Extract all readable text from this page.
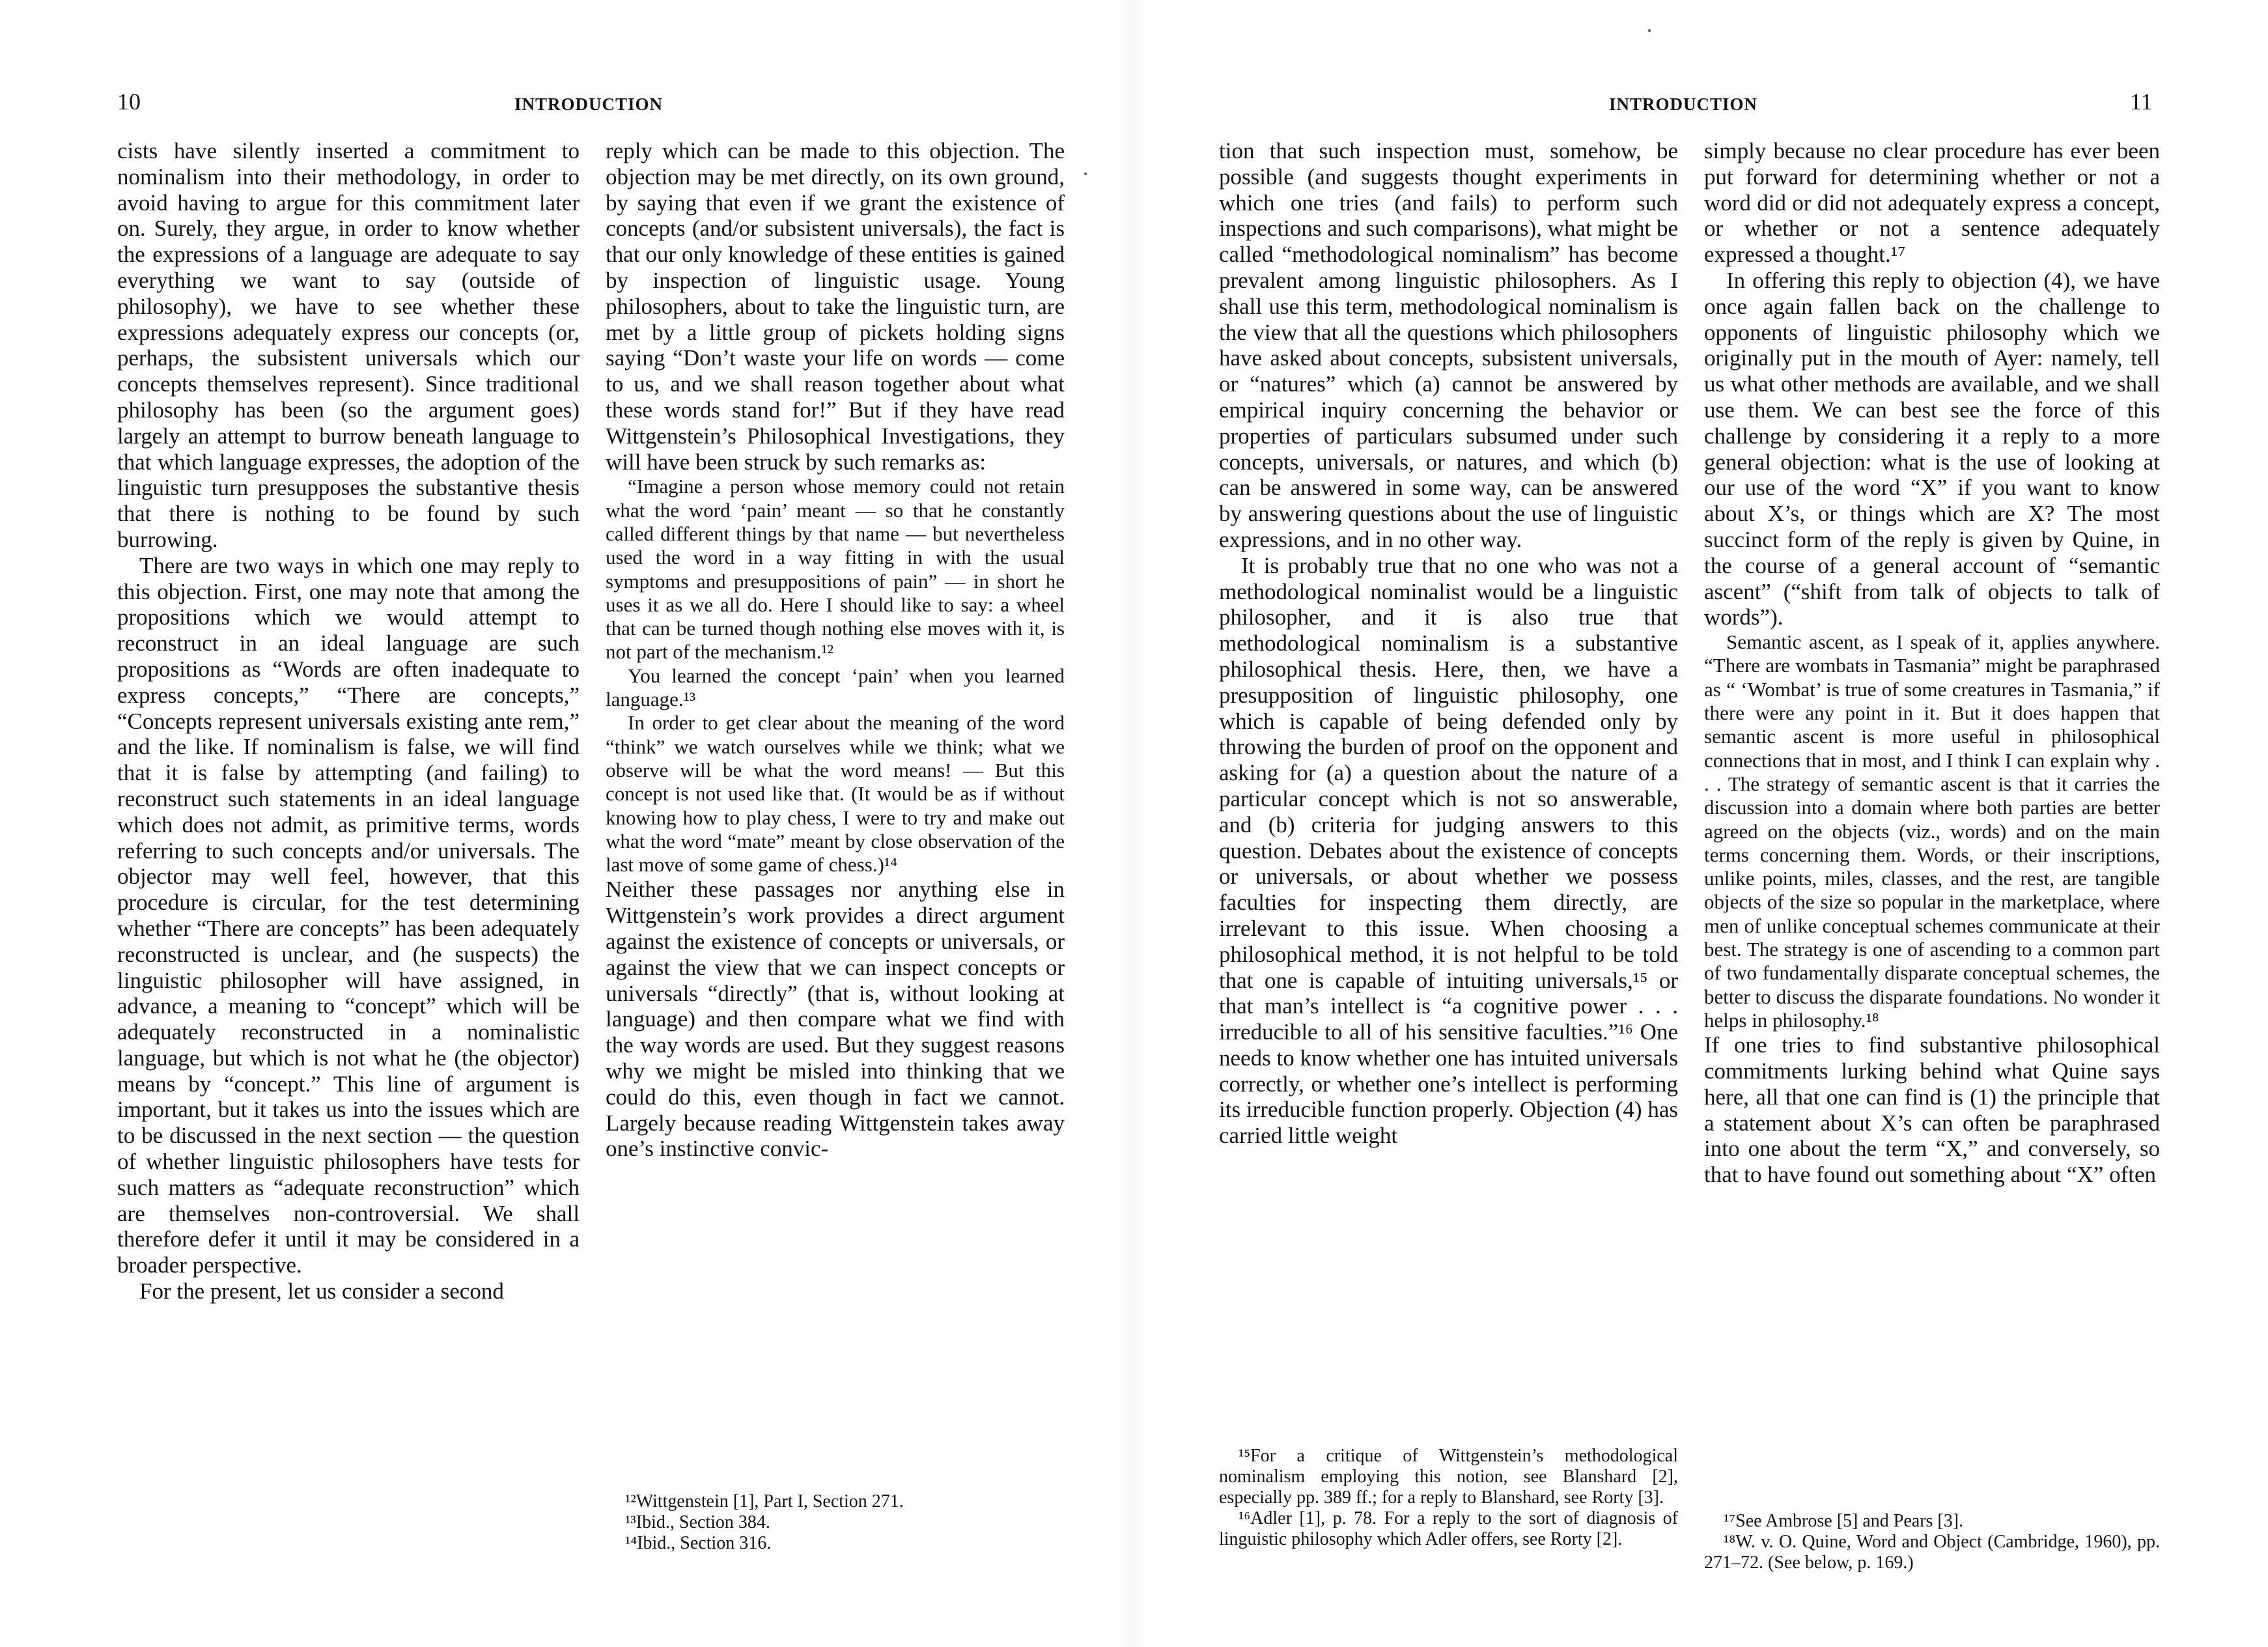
10	INTRODUCTION

cists have silently inserted a commitment to nominalism into their methodology, in order to avoid having to argue for this commitment later on. Surely, they argue, in order to know whether the expressions of a language are adequate to say everything we want to say (outside of philosophy), we have to see whether these expressions adequately express our concepts (or, perhaps, the subsistent universals which our concepts themselves represent). Since traditional philosophy has been (so the argument goes) largely an attempt to burrow beneath language to that which language expresses, the adoption of the linguistic turn presupposes the substantive thesis that there is nothing to be found by such burrowing.

There are two ways in which one may reply to this objection. First, one may note that among the propositions which we would attempt to reconstruct in an ideal language are such propositions as “Words are often inadequate to express concepts,” “There are concepts,” “Concepts represent universals existing ante rem,” and the like. If nominalism is false, we will find that it is false by attempting (and failing) to reconstruct such statements in an ideal language which does not admit, as primitive terms, words referring to such concepts and/or universals. The objector may well feel, however, that this procedure is circular, for the test determining whether “There are concepts” has been adequately reconstructed is unclear, and (he suspects) the linguistic philosopher will have assigned, in advance, a meaning to “concept” which will be adequately reconstructed in a nominalistic language, but which is not what he (the objector) means by “concept.” This line of argument is important, but it takes us into the issues which are to be discussed in the next section — the question of whether linguistic philosophers have tests for such matters as “adequate reconstruction” which are themselves non-controversial. We shall therefore defer it until it may be considered in a broader perspective.

For the present, let us consider a second

reply which can be made to this objection. The objection may be met directly, on its own ground, by saying that even if we grant the existence of concepts (and/or subsistent universals), the fact is that our only knowledge of these entities is gained by inspection of linguistic usage. Young philosophers, about to take the linguistic turn, are met by a little group of pickets holding signs saying “Don’t waste your life on words — come to us, and we shall reason together about what these words stand for!” But if they have read Wittgenstein’s Philosophical Investigations, they will have been struck by such remarks as:

“Imagine a person whose memory could not retain what the word ‘pain’ meant — so that he constantly called different things by that name — but nevertheless used the word in a way fitting in with the usual symptoms and presuppositions of pain” — in short he uses it as we all do. Here I should like to say: a wheel that can be turned though nothing else moves with it, is not part of the mechanism.¹²

You learned the concept ‘pain’ when you learned language.¹³

In order to get clear about the meaning of the word “think” we watch ourselves while we think; what we observe will be what the word means! — But this concept is not used like that. (It would be as if without knowing how to play chess, I were to try and make out what the word “mate” meant by close observation of the last move of some game of chess.)¹⁴

Neither these passages nor anything else in Wittgenstein’s work provides a direct argument against the existence of concepts or universals, or against the view that we can inspect concepts or universals “directly” (that is, without looking at language) and then compare what we find with the way words are used. But they suggest reasons why we might be misled into thinking that we could do this, even though in fact we cannot. Largely because reading Wittgenstein takes away one’s instinctive convic-

¹²Wittgenstein [1], Part I, Section 271.

¹³Ibid., Section 384.

¹⁴Ibid., Section 316.

INTRODUCTION	11

tion that such inspection must, somehow, be possible (and suggests thought experiments in which one tries (and fails) to perform such inspections and such comparisons), what might be called “methodological nominalism” has become prevalent among linguistic philosophers. As I shall use this term, methodological nominalism is the view that all the questions which philosophers have asked about concepts, subsistent universals, or “natures” which (a) cannot be answered by empirical inquiry concerning the behavior or properties of particulars subsumed under such concepts, universals, or natures, and which (b) can be answered in some way, can be answered by answering questions about the use of linguistic expressions, and in no other way.

It is probably true that no one who was not a methodological nominalist would be a linguistic philosopher, and it is also true that methodological nominalism is a substantive philosophical thesis. Here, then, we have a presupposition of linguistic philosophy, one which is capable of being defended only by throwing the burden of proof on the opponent and asking for (a) a question about the nature of a particular concept which is not so answerable, and (b) criteria for judging answers to this question. Debates about the existence of concepts or universals, or about whether we possess faculties for inspecting them directly, are irrelevant to this issue. When choosing a philosophical method, it is not helpful to be told that one is capable of intuiting universals,¹⁵ or that man’s intellect is “a cognitive power . . . irreducible to all of his sensitive faculties.”¹⁶ One needs to know whether one has intuited universals correctly, or whether one’s intellect is performing its irreducible function properly. Objection (4) has carried little weight

¹⁵For a critique of Wittgenstein’s methodological nominalism employing this notion, see Blanshard [2], especially pp. 389 ff.; for a reply to Blanshard, see Rorty [3].

¹⁶Adler [1], p. 78. For a reply to the sort of diagnosis of linguistic philosophy which Adler offers, see Rorty [2].

simply because no clear procedure has ever been put forward for determining whether or not a word did or did not adequately express a concept, or whether or not a sentence adequately expressed a thought.¹⁷

In offering this reply to objection (4), we have once again fallen back on the challenge to opponents of linguistic philosophy which we originally put in the mouth of Ayer: namely, tell us what other methods are available, and we shall use them. We can best see the force of this challenge by considering it a reply to a more general objection: what is the use of looking at our use of the word “X” if you want to know about X’s, or things which are X? The most succinct form of the reply is given by Quine, in the course of a general account of “semantic ascent” (“shift from talk of objects to talk of words”).

Semantic ascent, as I speak of it, applies anywhere. “There are wombats in Tasmania” might be paraphrased as “ ‘Wombat’ is true of some creatures in Tasmania,” if there were any point in it. But it does happen that semantic ascent is more useful in philosophical connections that in most, and I think I can explain why . . . The strategy of semantic ascent is that it carries the discussion into a domain where both parties are better agreed on the objects (viz., words) and on the main terms concerning them. Words, or their inscriptions, unlike points, miles, classes, and the rest, are tangible objects of the size so popular in the marketplace, where men of unlike conceptual schemes communicate at their best. The strategy is one of ascending to a common part of two fundamentally disparate conceptual schemes, the better to discuss the disparate foundations. No wonder it helps in philosophy.¹⁸

If one tries to find substantive philosophical commitments lurking behind what Quine says here, all that one can find is (1) the principle that a statement about X’s can often be paraphrased into one about the term “X,” and conversely, so that to have found out something about “X” often

¹⁷See Ambrose [5] and Pears [3].

¹⁸W. v. O. Quine, Word and Object (Cambridge, 1960), pp. 271–72. (See below, p. 169.)
